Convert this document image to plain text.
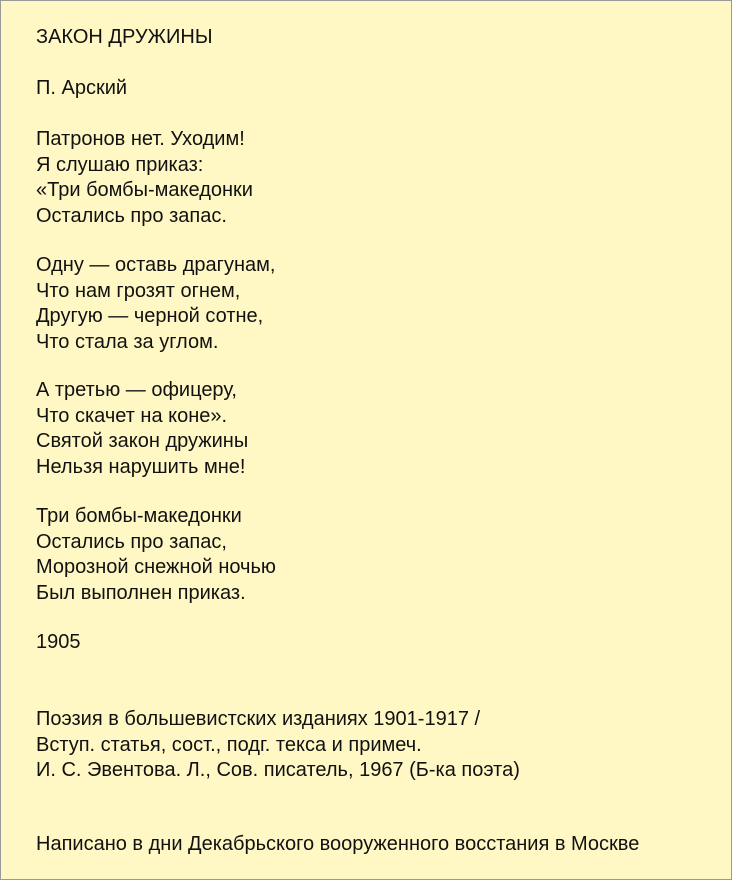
ЗАКОН ДРУЖИНЫ
П. Арский
Патронов нет. Уходим!
Я слушаю приказ:
«Три бомбы-македонки
Остались про запас.
Одну — оставь драгунам,
Что нам грозят огнем,
Другую — черной сотне,
Что стала за углом.
А третью — офицеру,
Что скачет на коне».
Святой закон дружины
Нельзя нарушить мне!
Три бомбы-македонки
Остались про запас,
Морозной снежной ночью
Был выполнен приказ.
1905
Поэзия в большевистских изданиях 1901-1917 /
Вступ. статья, сост., подг. текса и примеч.
И. С. Эвентова. Л., Сов. писатель, 1967 (Б-ка поэта)
Написано в дни Декабрьского вооруженного восстания в Москве
